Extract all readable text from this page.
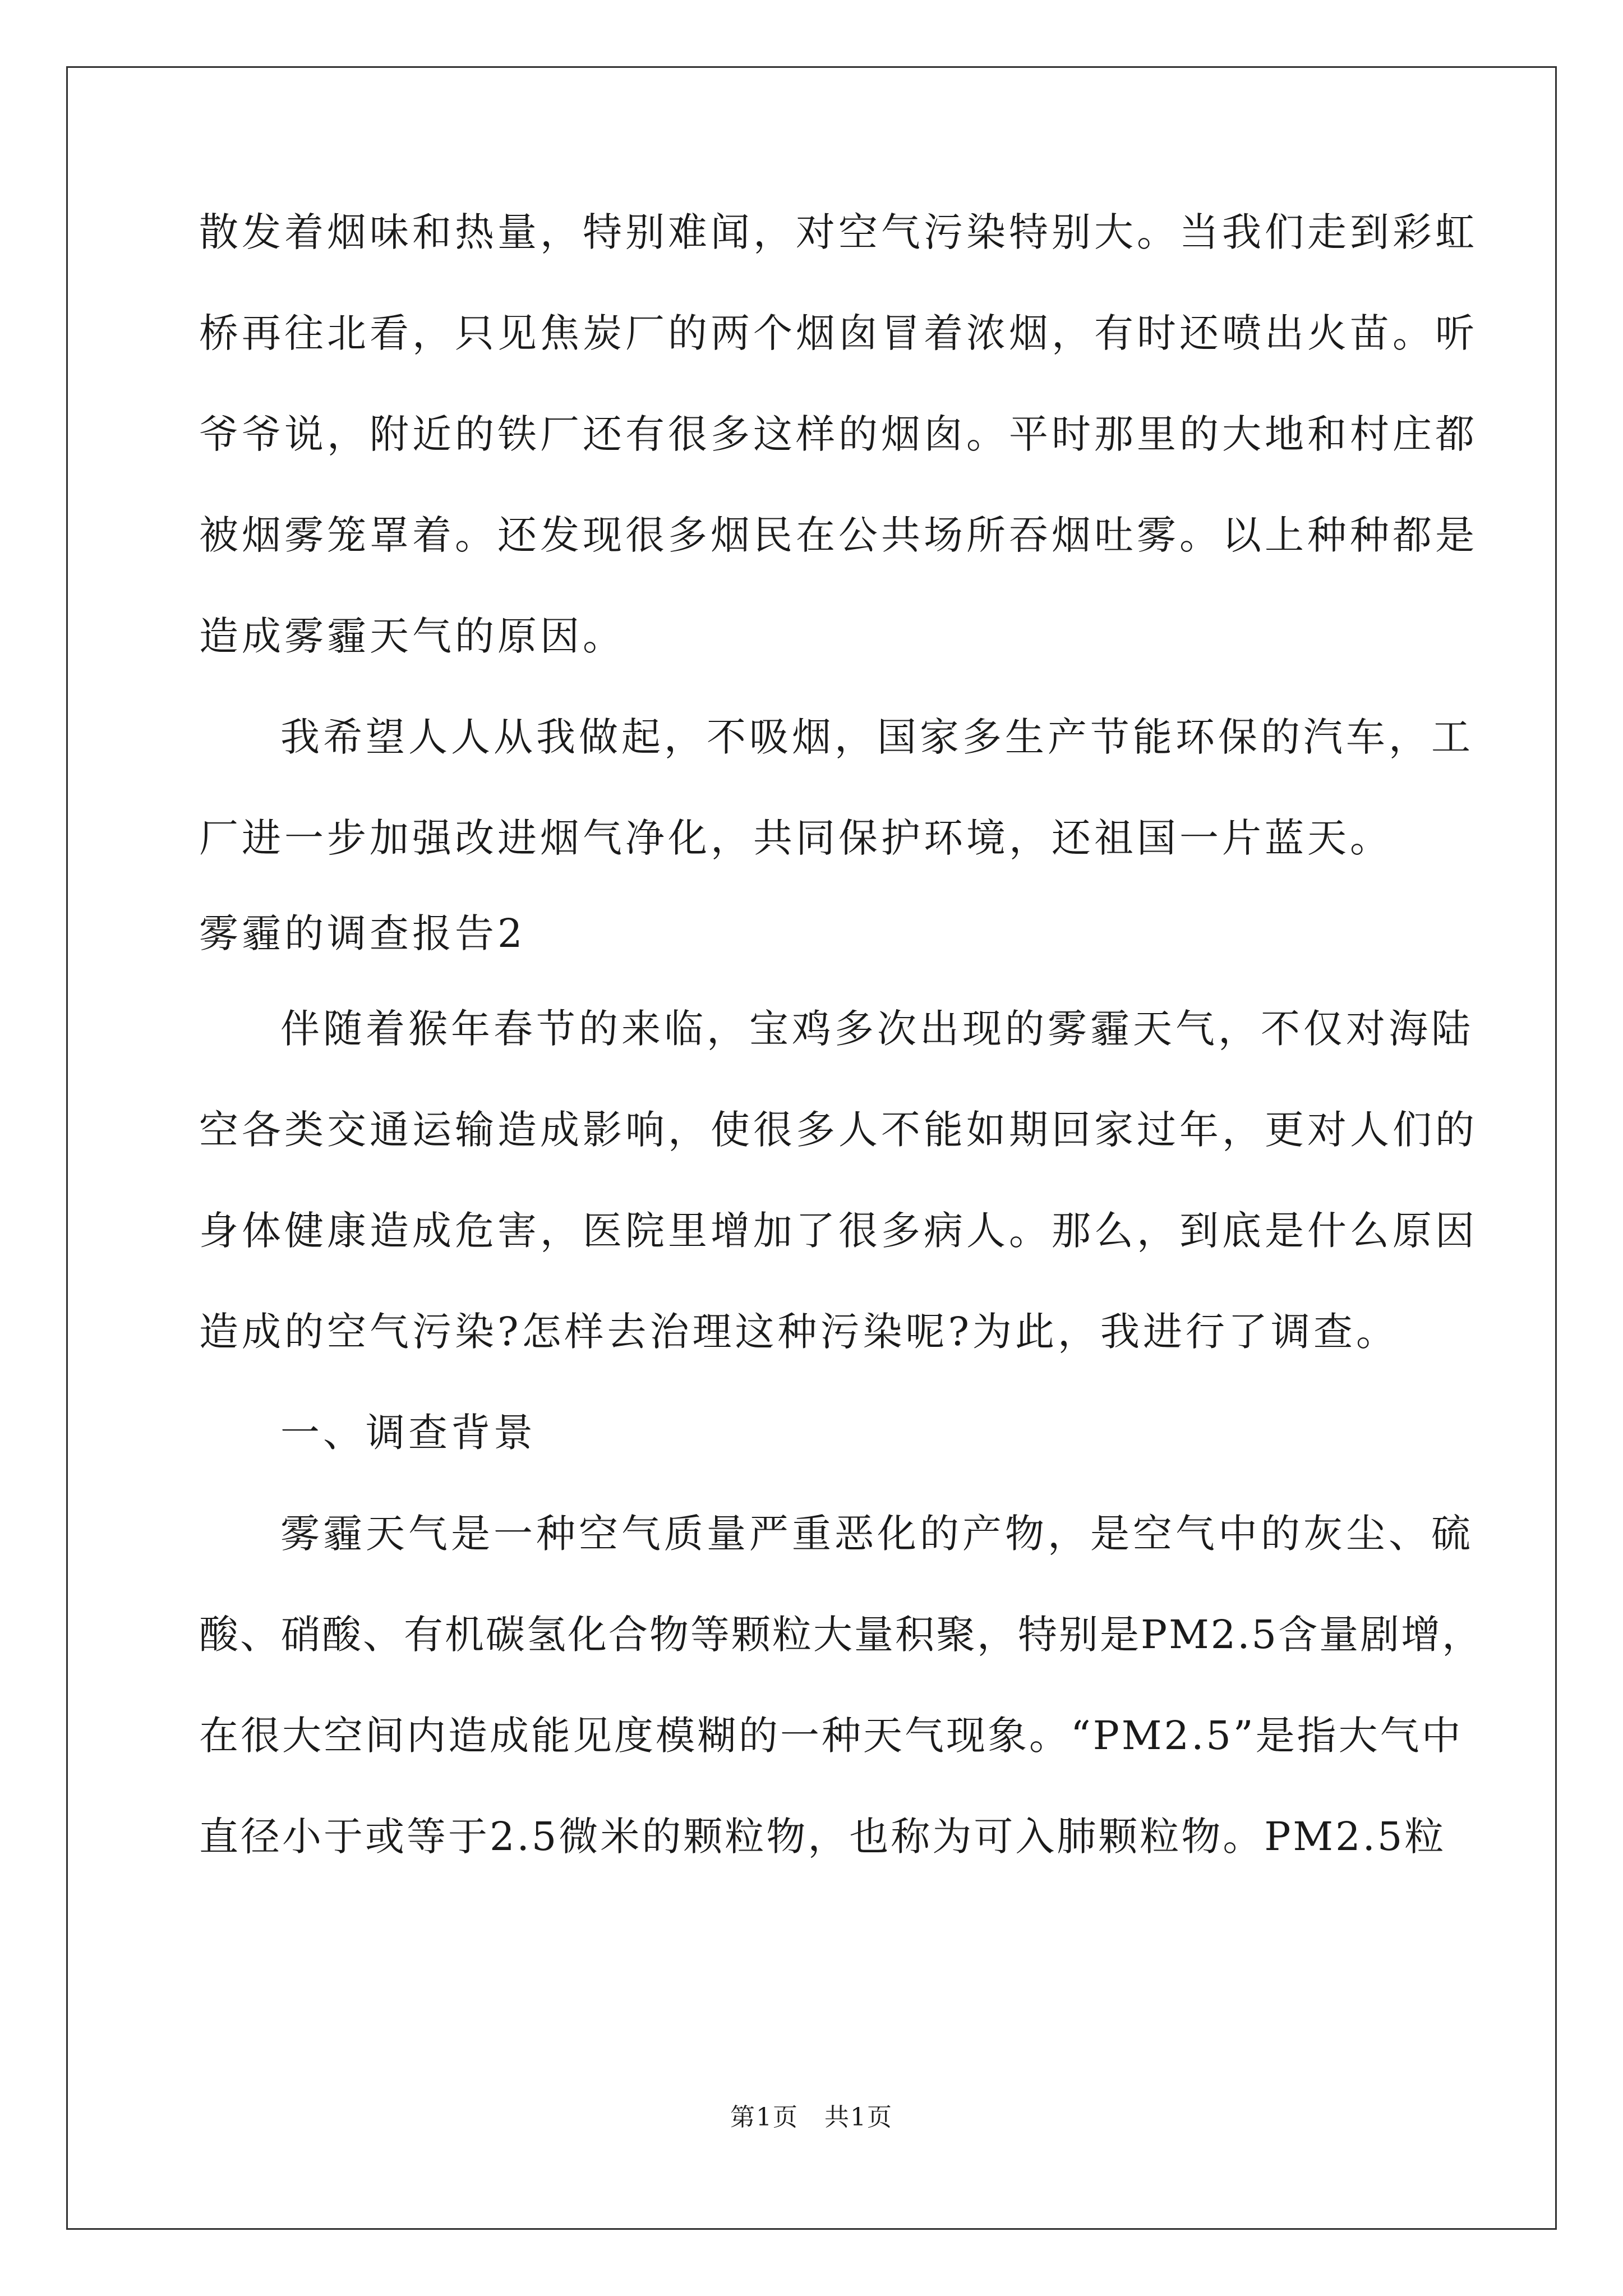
散发着烟味和热量，特别难闻，对空气污染特别大。当我们走到彩虹
桥再往北看，只见焦炭厂的两个烟囱冒着浓烟，有时还喷出火苗。听
爷爷说，附近的铁厂还有很多这样的烟囱。平时那里的大地和村庄都
被烟雾笼罩着。还发现很多烟民在公共场所吞烟吐雾。以上种种都是
造成雾霾天气的原因。
我希望人人从我做起，不吸烟，国家多生产节能环保的汽车，工
厂进一步加强改进烟气净化，共同保护环境，还祖国一片蓝天。
雾霾的调查报告2
伴随着猴年春节的来临，宝鸡多次出现的雾霾天气，不仅对海陆
空各类交通运输造成影响，使很多人不能如期回家过年，更对人们的
身体健康造成危害，医院里增加了很多病人。那么，到底是什么原因
造成的空气污染?怎样去治理这种污染呢?为此，我进行了调查。
一、调查背景
雾霾天气是一种空气质量严重恶化的产物，是空气中的灰尘、硫
酸、硝酸、有机碳氢化合物等颗粒大量积聚，特别是PM2.5含量剧增，
在很大空间内造成能见度模糊的一种天气现象。“PM2.5”是指大气中
直径小于或等于2.5微米的颗粒物，也称为可入肺颗粒物。PM2.5粒
第1页　共1页
